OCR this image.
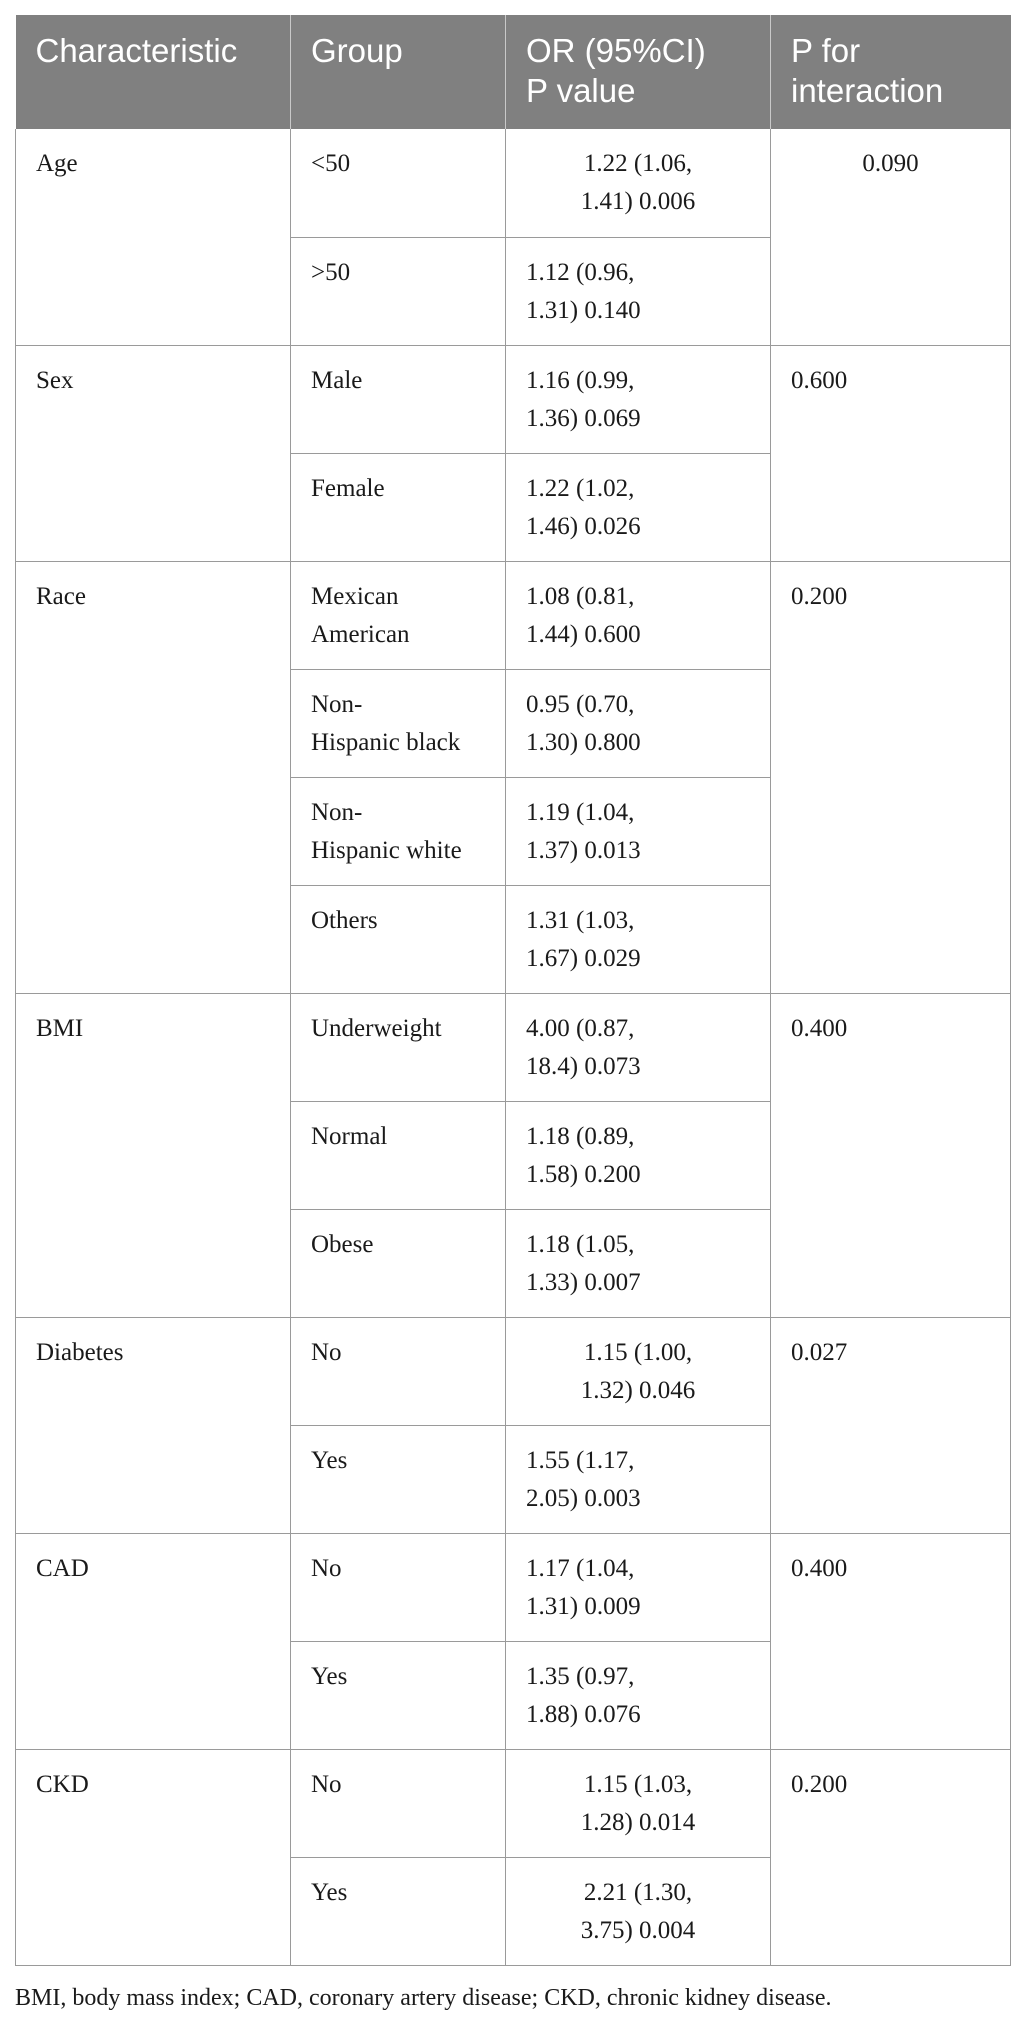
Characteristic	Group	OR (95%CI)
P value	P for
interaction

Age	<50	1.22 (1.06,
1.41) 0.006	0.090
	>50	1.12 (0.96,
1.31) 0.140	

Sex	Male	1.16 (0.99,
1.36) 0.069	0.600
	Female	1.22 (1.02,
1.46) 0.026	

Race	Mexican
American	1.08 (0.81,
1.44) 0.600	0.200

	Non-
Hispanic black	0.95 (0.70,
1.30) 0.800	

	Non-
Hispanic white	1.19 (1.04,
1.37) 0.013	

	Others	1.31 (1.03,
1.67) 0.029	

BMI	Underweight	4.00 (0.87,
18.4) 0.073	0.400
	Normal	1.18 (0.89,
1.58) 0.200	

	Obese	1.18 (1.05,
1.33) 0.007	

Diabetes	No	1.15 (1.00,
1.32) 0.046	0.027
	Yes	1.55 (1.17,
2.05) 0.003	

CAD	No	1.17 (1.04,
1.31) 0.009	0.400
	Yes	1.35 (0.97,
1.88) 0.076	

CKD	No	1.15 (1.03,
1.28) 0.014	0.200
	Yes	2.21 (1.30,
3.75) 0.004	
BMI, body mass index; CAD, coronary artery disease; CKD, chronic kidney disease.
